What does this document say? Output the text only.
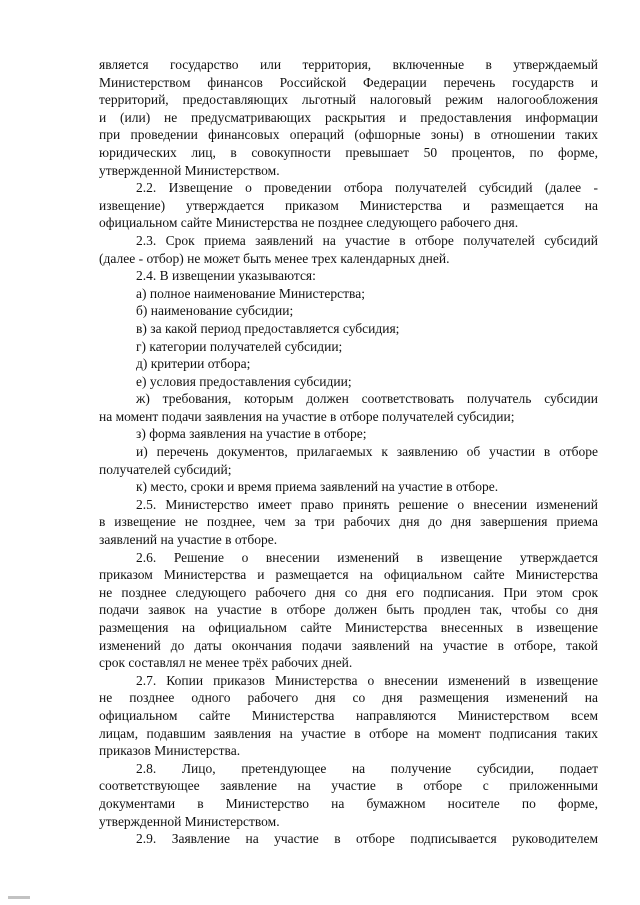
является государство или территория, включенные в утверждаемый
Министерством финансов Российской Федерации перечень государств и
территорий, предоставляющих льготный налоговый режим налогообложения
и (или) не предусматривающих раскрытия и предоставления информации
при проведении финансовых операций (офшорные зоны) в отношении таких
юридических лиц, в совокупности превышает 50 процентов, по форме,
утвержденной Министерством.
2.2. Извещение о проведении отбора получателей субсидий (далее -
извещение) утверждается приказом Министерства и размещается на
официальном сайте Министерства не позднее следующего рабочего дня.
2.3. Срок приема заявлений на участие в отборе получателей субсидий
(далее - отбор) не может быть менее трех календарных дней.
2.4. В извещении указываются:
а) полное наименование Министерства;
б) наименование субсидии;
в) за какой период предоставляется субсидия;
г) категории получателей субсидии;
д) критерии отбора;
е) условия предоставления субсидии;
ж) требования, которым должен соответствовать получатель субсидии
на момент подачи заявления на участие в отборе получателей субсидии;
з) форма заявления на участие в отборе;
и) перечень документов, прилагаемых к заявлению об участии в отборе
получателей субсидий;
к) место, сроки и время приема заявлений на участие в отборе.
2.5. Министерство имеет право принять решение о внесении изменений
в извещение не позднее, чем за три рабочих дня до дня завершения приема
заявлений на участие в отборе.
2.6. Решение о внесении изменений в извещение утверждается
приказом Министерства и размещается на официальном сайте Министерства
не позднее следующего рабочего дня со дня его подписания. При этом срок
подачи заявок на участие в отборе должен быть продлен так, чтобы со дня
размещения на официальном сайте Министерства внесенных в извещение
изменений до даты окончания подачи заявлений на участие в отборе, такой
срок составлял не менее трёх рабочих дней.
2.7. Копии приказов Министерства о внесении изменений в извещение
не позднее одного рабочего дня со дня размещения изменений на
официальном сайте Министерства направляются Министерством всем
лицам, подавшим заявления на участие в отборе на момент подписания таких
приказов Министерства.
2.8. Лицо, претендующее на получение субсидии, подает
соответствующее заявление на участие в отборе с приложенными
документами в Министерство на бумажном носителе по форме,
утвержденной Министерством.
2.9. Заявление на участие в отборе подписывается руководителем
